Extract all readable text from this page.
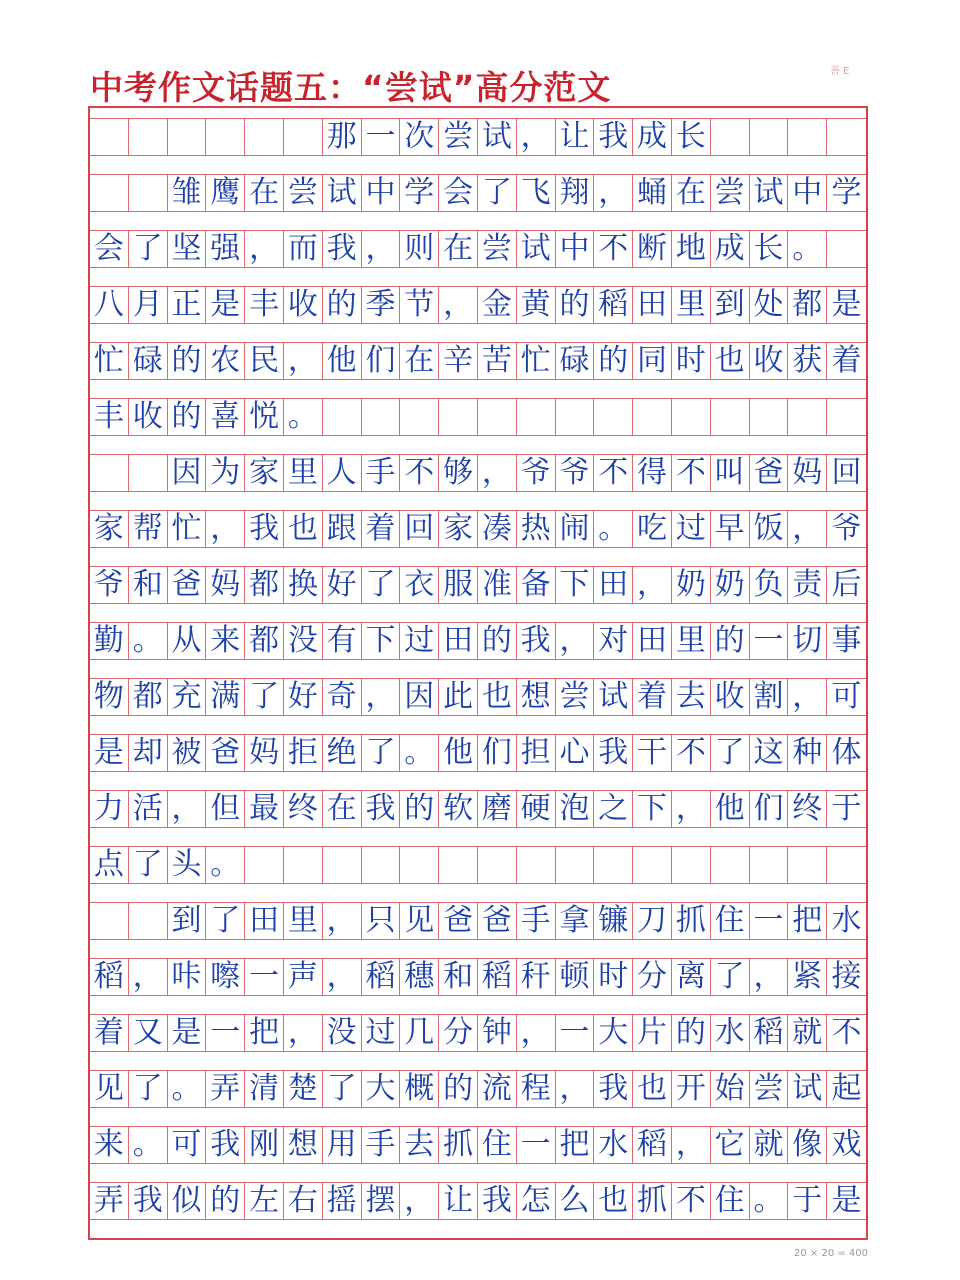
中考作文话题五：“尝试”高分范文	善 E
那 一 次 尝 试 ， 让 我 成 长
雏 鹰 在 尝 试 中 学 会 了 飞 翔 ， 蛹 在 尝 试 中 学
会 了 坚 强 ， 而 我 ， 则 在 尝 试 中 不 断 地 成 长 。
八 月 正 是 丰 收 的 季 节 ， 金 黄 的 稻 田 里 到 处 都 是
忙 碌 的 农 民 ， 他 们 在 辛 苦 忙 碌 的 同 时 也 收 获 着
丰 收 的 喜 悦 。
因 为 家 里 人 手 不 够 ， 爷 爷 不 得 不 叫 爸 妈 回
家 帮 忙 ， 我 也 跟 着 回 家 凑 热 闹 。 吃 过 早 饭 ， 爷
爷 和 爸 妈 都 换 好 了 衣 服 准 备 下 田 ， 奶 奶 负 责 后
勤 。 从 来 都 没 有 下 过 田 的 我 ， 对 田 里 的 一 切 事
物 都 充 满 了 好 奇 ， 因 此 也 想 尝 试 着 去 收 割 ， 可
是 却 被 爸 妈 拒 绝 了 。 他 们 担 心 我 干 不 了 这 种 体
力 活 ， 但 最 终 在 我 的 软 磨 硬 泡 之 下 ， 他 们 终 于
点 了 头 。
到 了 田 里 ， 只 见 爸 爸 手 拿 镰 刀 抓 住 一 把 水
稻 ， 咔 嚓 一 声 ， 稻 穗 和 稻 秆 顿 时 分 离 了 ， 紧 接
着 又 是 一 把 ， 没 过 几 分 钟 ， 一 大 片 的 水 稻 就 不
见 了 。 弄 清 楚 了 大 概 的 流 程 ， 我 也 开 始 尝 试 起
来 。 可 我 刚 想 用 手 去 抓 住 一 把 水 稻 ， 它 就 像 戏
弄 我 似 的 左 右 摇 摆 ， 让 我 怎 么 也 抓 不 住 。 于 是
20 × 20 = 400
